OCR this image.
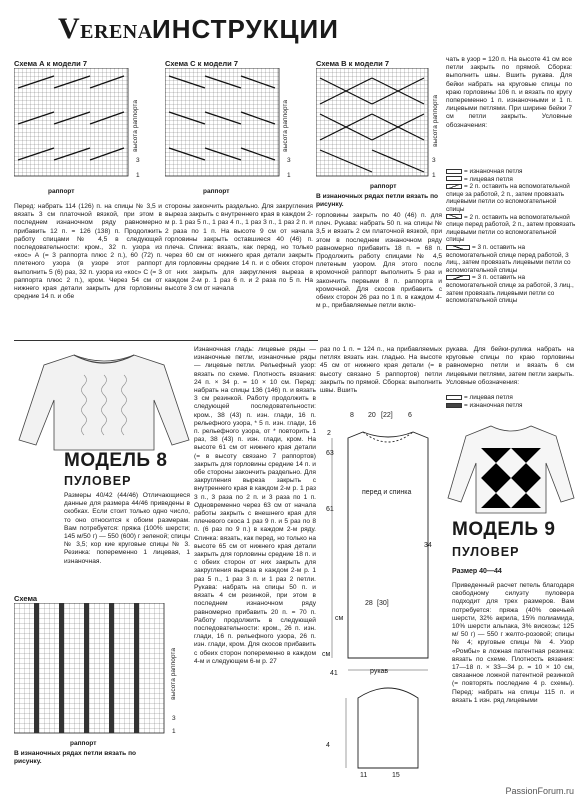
VERENA ИНСТРУКЦИИ
Схема А к модели 7
высота раппорта
3
1
раппорт
Схема С к модели 7
высота раппорта
3
1
раппорт
Схема В к модели 7
высота раппорта
3
1
раппорт
В изнаночных рядах петли вязать по рисунку.
Перед: набрать 114 (126) п. на спицы № 3,5 и вязать 3 см платочной вязкой, при этом в последнем изнаночном ряду равномерно прибавить 12 п. = 126 (138) п. Продолжить работу спицами № 4,5 в следующей последовательности: кром., 32 п. узора из «кос» А (= 3 раппорта плюс 2 п.), 60 (72) п. плетеного узора (в узоре этот раппорт выполнить 5 (6) раз, 32 п. узора из «кос» С (= 3 раппорта плюс 2 п.), кром. Через 54 см от нижнего края детали закрыть для горловины средние 14 п. и обе
стороны закончить раздельно. Для закругления выреза закрыть с внутреннего края в каждом 2-м р. 1 раз 5 п., 1 раз 4 п., 1 раз 3 п., 1 раз 2 п. и 2 раза по 1 п. На высоте 9 см от начала горловины закрыть оставшиеся 40 (46) п. плеча. Спинка: вязать, как перед, но только через 60 см от нижнего края детали закрыть для горловины средние 14 п. и с обеих сторон от них закрыть для закругления выреза в каждом 2-м р. 1 раз 6 п. и 2 раза по 5 п. На высоте 3 см от начала
горловины закрыть по 40 (46) п. для плеч. Рукава: набрать 50 п. на спицы № 3,5 и вязать 2 см платочной вязкой, при этом в последнем изнаночном ряду равномерно прибавить 18 п. = 68 п. Продолжить работу спицами № 4,5 плетеным узором. Для этого после кромочной раппорт выполнить 5 раз и закончить первыми 8 п. раппорта и кромочной. Для скосов прибавить с обеих сторон 26 раз по 1 п. в каждом 4-м р., прибавляемые петли вклю-
чать в узор = 120 п. На высоте 41 см все петли закрыть по прямой. Сборка: выполнить швы. Вшить рукава. Для бейки набрать на круговые спицы по краю горловины 106 п. и вязать по кругу попеременно 1 п. изнаночными и 1 п. лицевыми петлями. При ширине бейки 7 см петли закрыть. Условные обозначения:
= изнаночная петля
= лицевая петля
= 2 п. оставить на вспомогательной спице за работой, 2 п., затем провязать лицевыми петли со вспомогательной спицы
= 2 п. оставить на вспомогательной спице перед работой, 2 п., затем провязать лицевыми петли со вспомогательной спицы
= 3 п. оставить на вспомогательной спице перед работой, 3 лиц., затем провязать лицевыми петли со вспомогательной спицы
= 3 п. оставить на вспомогательной спице за работой, 3 лиц., затем провязать лицевыми петли со вспомогательной спицы
МОДЕЛЬ 8
ПУЛОВЕР
Размеры 40/42 (44/46) Отличающиеся данные для размера 44/46 приведены в скобках. Если стоит только одно число, то оно относится к обоим размерам. Вам потребуется: пряжа (100% шерсти; 145 м/50 г) — 550 (600) г зеленой; спицы № 3,5; кор кие круговые спицы № 3. Резинка: попеременно 1 лицевая, 1 изнаночная.
Схема
высота раппорта
3
1
раппорт
В изнаночных рядах петли вязать по рисунку.
Изнаночная гладь: лицевые ряды — изнаночные петли, изнаночные ряды — лицевые петли. Рельефный узор: вязать по схеме. Плотность вязания: 24 п. × 34 р. = 10 × 10 см. Перед: набрать на спицы 136 (146) п. и вязать 3 см резинкой. Работу продолжить в следующей последовательности: кром., 38 (43) п. изн. глади, 16 п. рельефного узора, * 5 п. изн. глади, 16 п. рельефного узора, от * повторить 1 раз, 38 (43) п. изн. глади, кром. На высоте 61 см от нижнего края детали (= в высоту связано 7 раппортов) закрыть для горловины средние 14 п. и обе стороны закончить раздельно. Для закругления выреза закрыть с внутреннего края в каждом 2-м р. 1 раз 3 п., 3 раза по 2 п. и 3 раза по 1 п. Одновременно через 63 см от начала работы закрыть с внешнего края для плечевого скоса 1 раз 9 п. и 5 раз по 8 п. (6 раз по 9 п.) в каждом 2-м ряду. Спинка: вязать, как перед, но только на высоте 65 см от нижнего края детали закрыть для горловины средние 18 п. и с обеих сторон от них закрыть для закругления выреза в каждом 2-м р. 1 раз 5 п., 1 раз 3 п. и 1 раз 2 петли. Рукава: набрать на спицы 50 п. и вязать 4 см резинкой, при этом в последнем изнаночном ряду равномерно прибавить 20 п. = 70 п. Работу продолжить в следующей последовательности: кром., 26 п. изн. глади, 16 п. рельефного узора, 26 п. изн. глади, кром. Для скосов прибавить с обеих сторон попеременно в каждом 4-м и следующем 6-м р. 27
раз по 1 п. = 124 п., на прибавляемых петлях вязать изн. гладью. На высоте 45 см от нижнего края детали (= в высоту связано 5 раппортов) петли закрыть по прямой. Сборка: выполнить швы. Вшить
8 20 [22] 6
2
63
61
перед и спинка
34
см
28 [30]
см
41	рукав
4
15
11
рукава. Для бейки-рулика набрать на круговые спицы по краю горловины равномерно петли и вязать 6 см лицевыми петлями, затем петли закрыть. Условные обозначения:
= лицевая петля
= изнаночная петля
МОДЕЛЬ 9
ПУЛОВЕР
Размер 40—44
Приведенный расчет петель благодаря свободному силуэту пуловера подходит для трех размеров. Вам потребуется: пряжа (40% овечьей шерсти, 32% акрила, 15% полиамида, 10% шерсти альпака, 3% вискозы; 125 м/ 50 г) — 550 г желто-розовой; спицы № 4; круговые спицы № 4. Узор «Ромбы» в ложная патентная резинка: вязать по схеме. Плотность вязания: 17—18 п. × 33—34 р. = 10 × 10 см, связанное ложной патентной резинкой (= повторять последние 4 р. схемы). Перед: набрать на спицы 115 п. и вязать 1 изн. ряд лицевыми
PassionForum.ru
